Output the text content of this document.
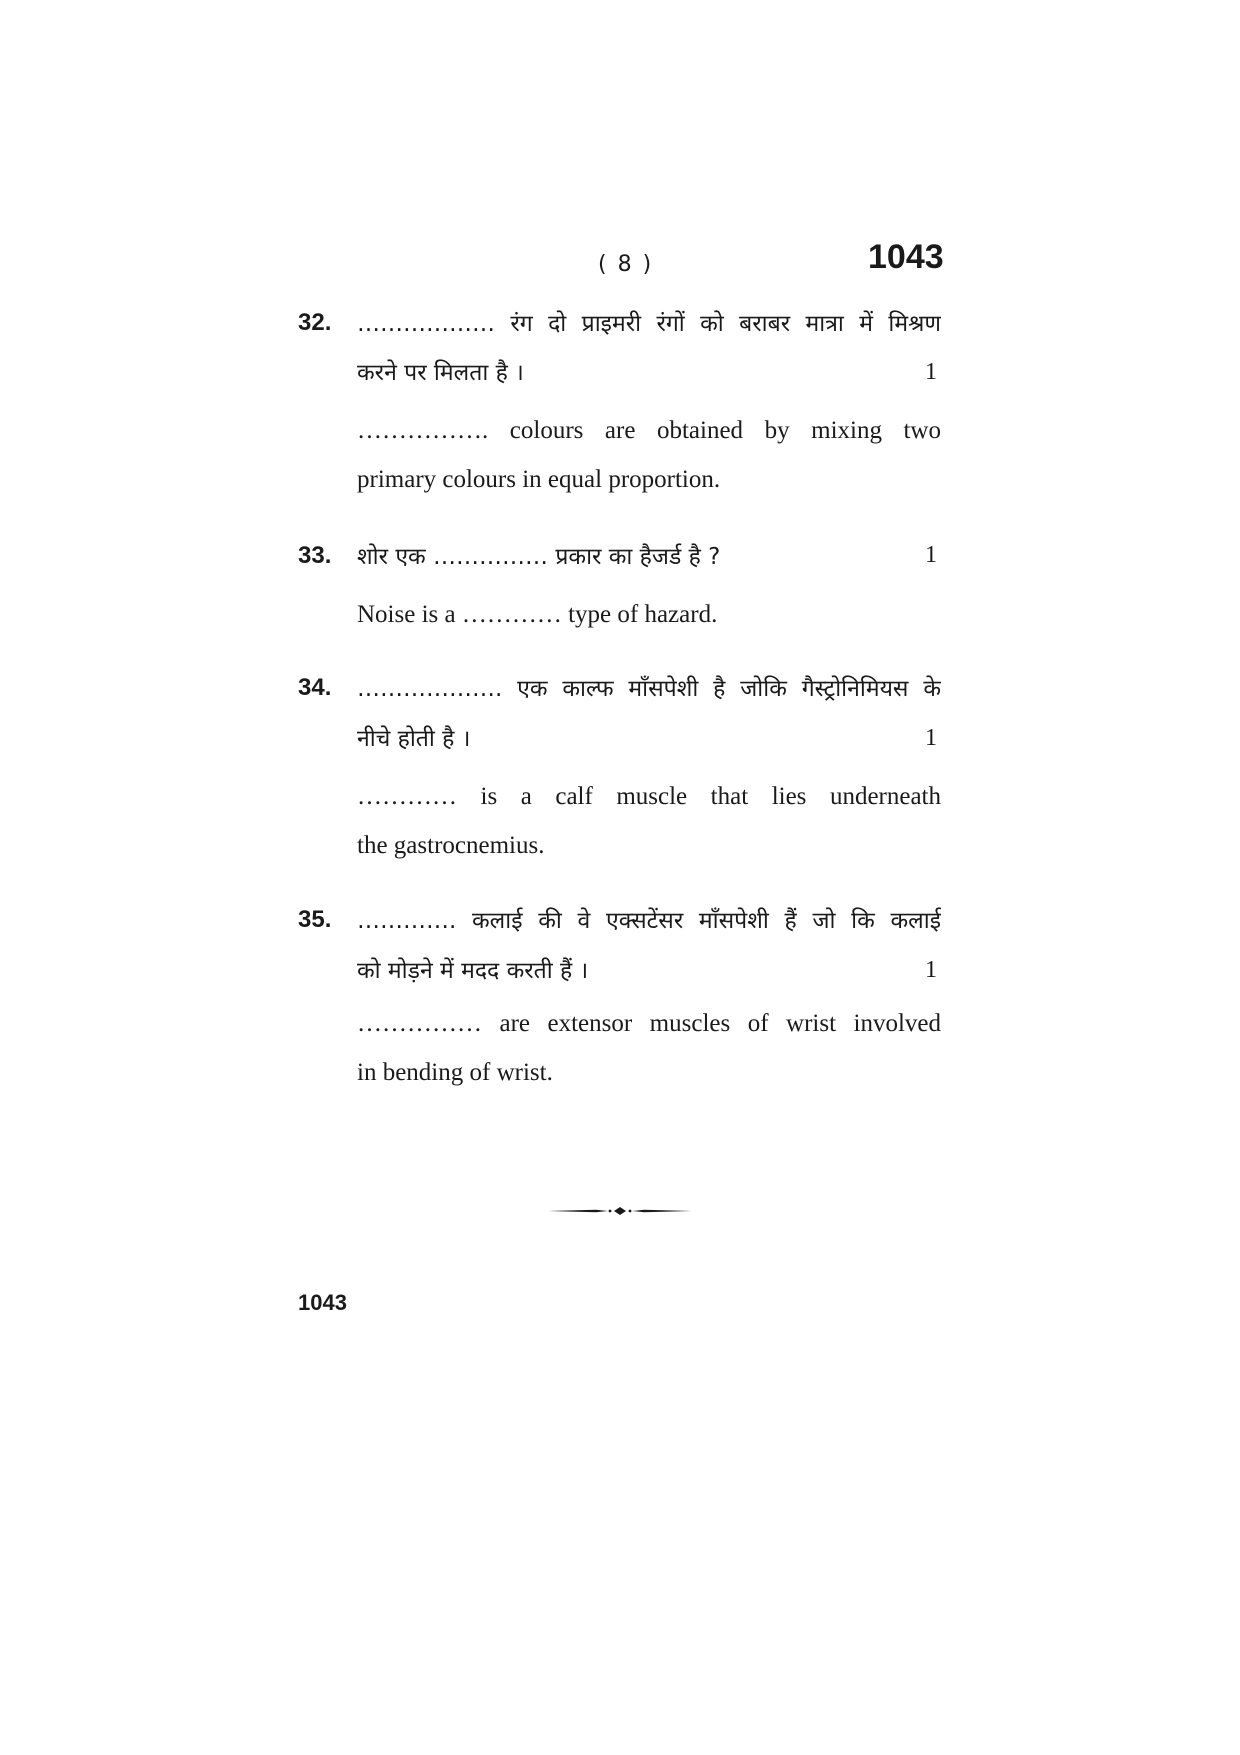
( 8 )	1043
32. ……………… रंग दो प्राइमरी रंगों को बराबर मात्रा में मिश्रण
करने पर मिलता है ।	1
……………. colours are obtained by mixing two
primary colours in equal proportion.
33. शोर एक …………… प्रकार का हैजर्ड है ?	1
Noise is a ………… type of hazard.
34. ………………. एक काल्फ मॉंसपेशी है जोकि गैस्ट्रोनिमियस के
नीचे होती है ।	1
………… is a calf muscle that lies underneath
the gastrocnemius.
35. …………. कलाई की वे एक्सटेंसर मॉंसपेशी हैं जो कि कलाई
को मोड़ने में मदद करती हैं ।	1
…………… are extensor muscles of wrist involved
in bending of wrist.
1043
